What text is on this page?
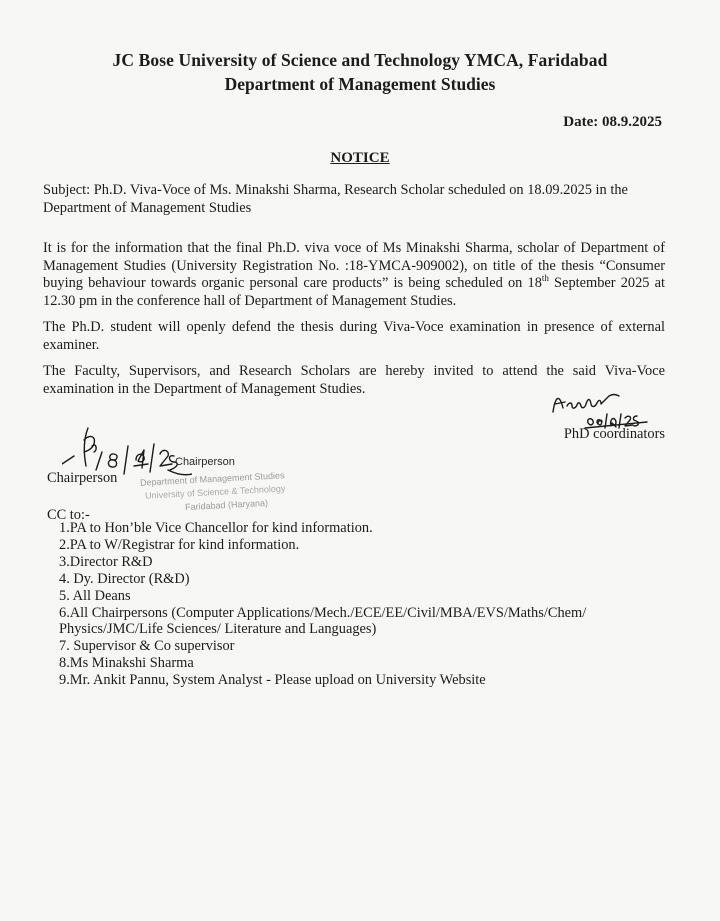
JC Bose University of Science and Technology YMCA, Faridabad
Department of Management Studies
Date: 08.9.2025
NOTICE
Subject: Ph.D. Viva-Voce of Ms. Minakshi Sharma, Research Scholar scheduled on 18.09.2025 in the Department of Management Studies
It is for the information that the final Ph.D. viva voce of Ms Minakshi Sharma, scholar of Department of Management Studies (University Registration No. :18-YMCA-909002), on title of the thesis “Consumer buying behaviour towards organic personal care products” is being scheduled on 18th September 2025 at 12.30 pm in the conference hall of Department of Management Studies.
The Ph.D. student will openly defend the thesis during Viva-Voce examination in presence of external examiner.
The Faculty, Supervisors, and Research Scholars are hereby invited to attend the said Viva-Voce examination in the Department of Management Studies.
PhD coordinators
Chairperson
Chairperson
Department of Management Studies
University of Science & Technology
Faridabad (Haryana)
CC to:-
1.PA to Hon’ble Vice Chancellor for kind information.
2.PA to W/Registrar for kind information.
3.Director R&D
4. Dy. Director (R&D)
5. All Deans
6.All Chairpersons (Computer Applications/Mech./ECE/EE/Civil/MBA/EVS/Maths/Chem/ Physics/JMC/Life Sciences/ Literature and Languages)
7. Supervisor & Co supervisor
8.Ms Minakshi Sharma
9.Mr. Ankit Pannu, System Analyst - Please upload on University Website
